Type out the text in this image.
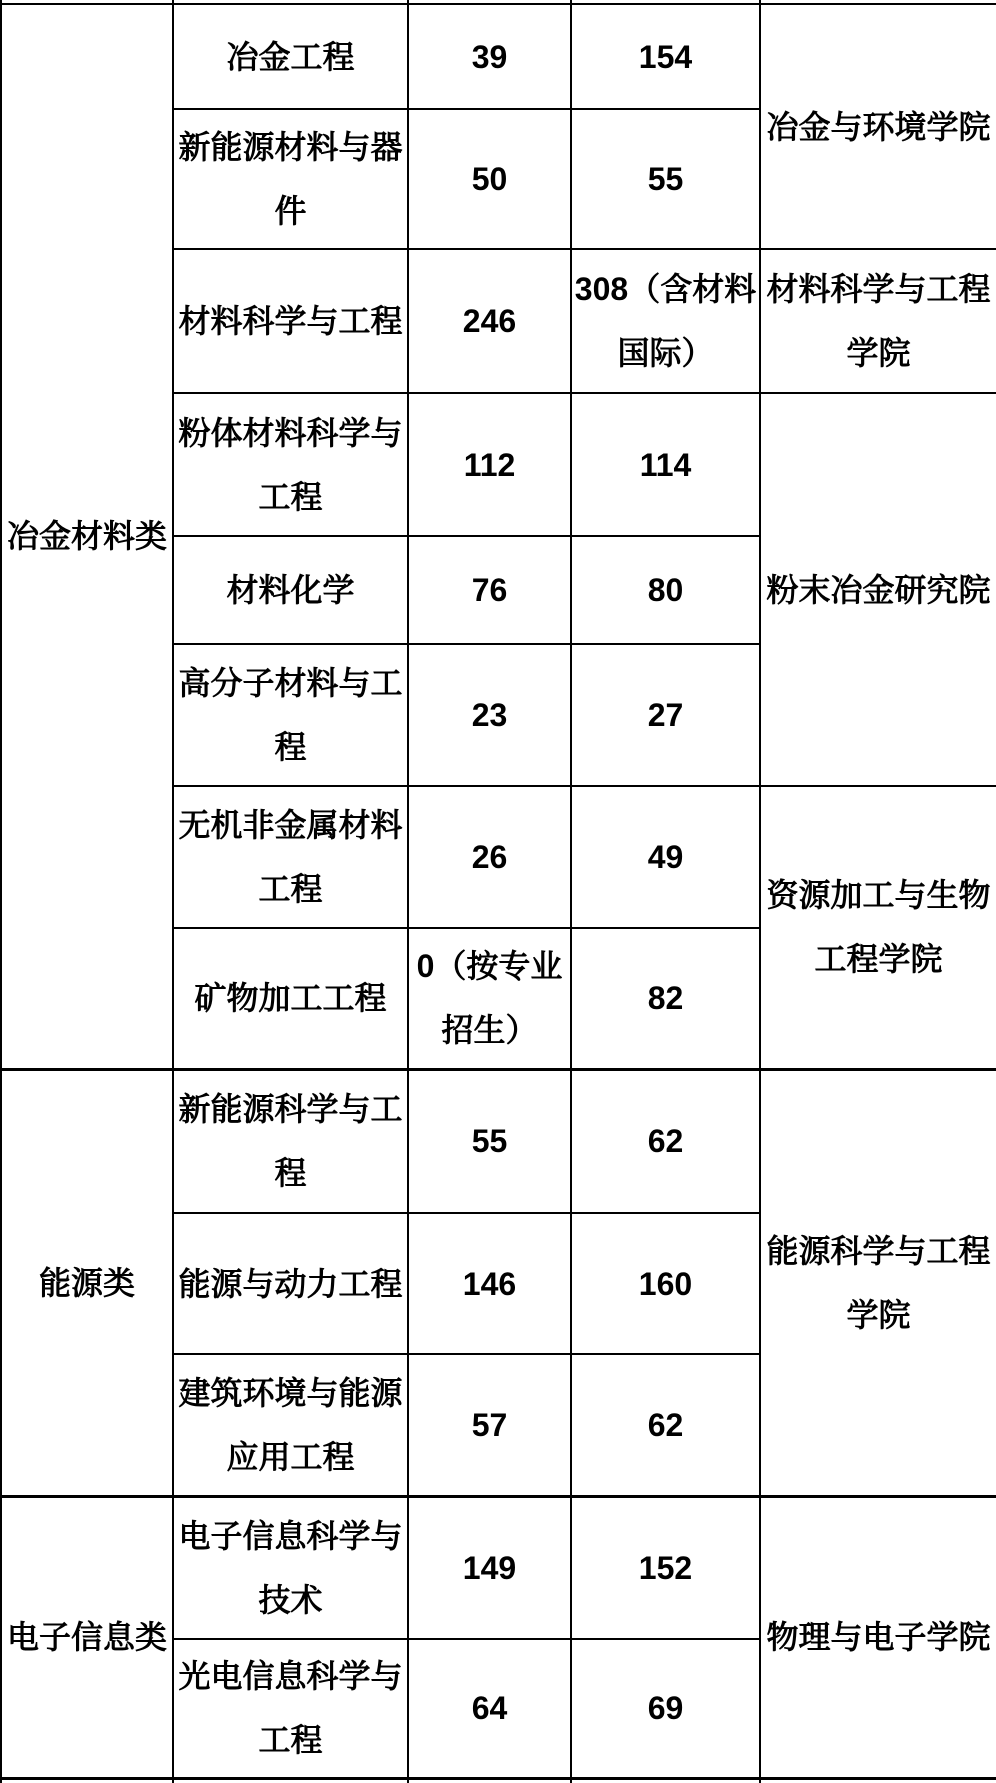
冶金材料类	冶金工程	39	154	冶金与环境学院
	新能源材料与器件	50	55	
	材料科学与工程	246	308（含材料国际）	材料科学与工程学院
	粉体材料科学与工程	112	114	粉末冶金研究院
	材料化学	76	80	
	高分子材料与工程	23	27	
	无机非金属材料工程	26	49	资源加工与生物工程学院
	矿物加工工程	0（按专业招生）	82	
能源类	新能源科学与工程	55	62	能源科学与工程学院
	能源与动力工程	146	160	
	建筑环境与能源应用工程	57	62	
电子信息类	电子信息科学与技术	149	152	物理与电子学院
	光电信息科学与工程	64	69	
